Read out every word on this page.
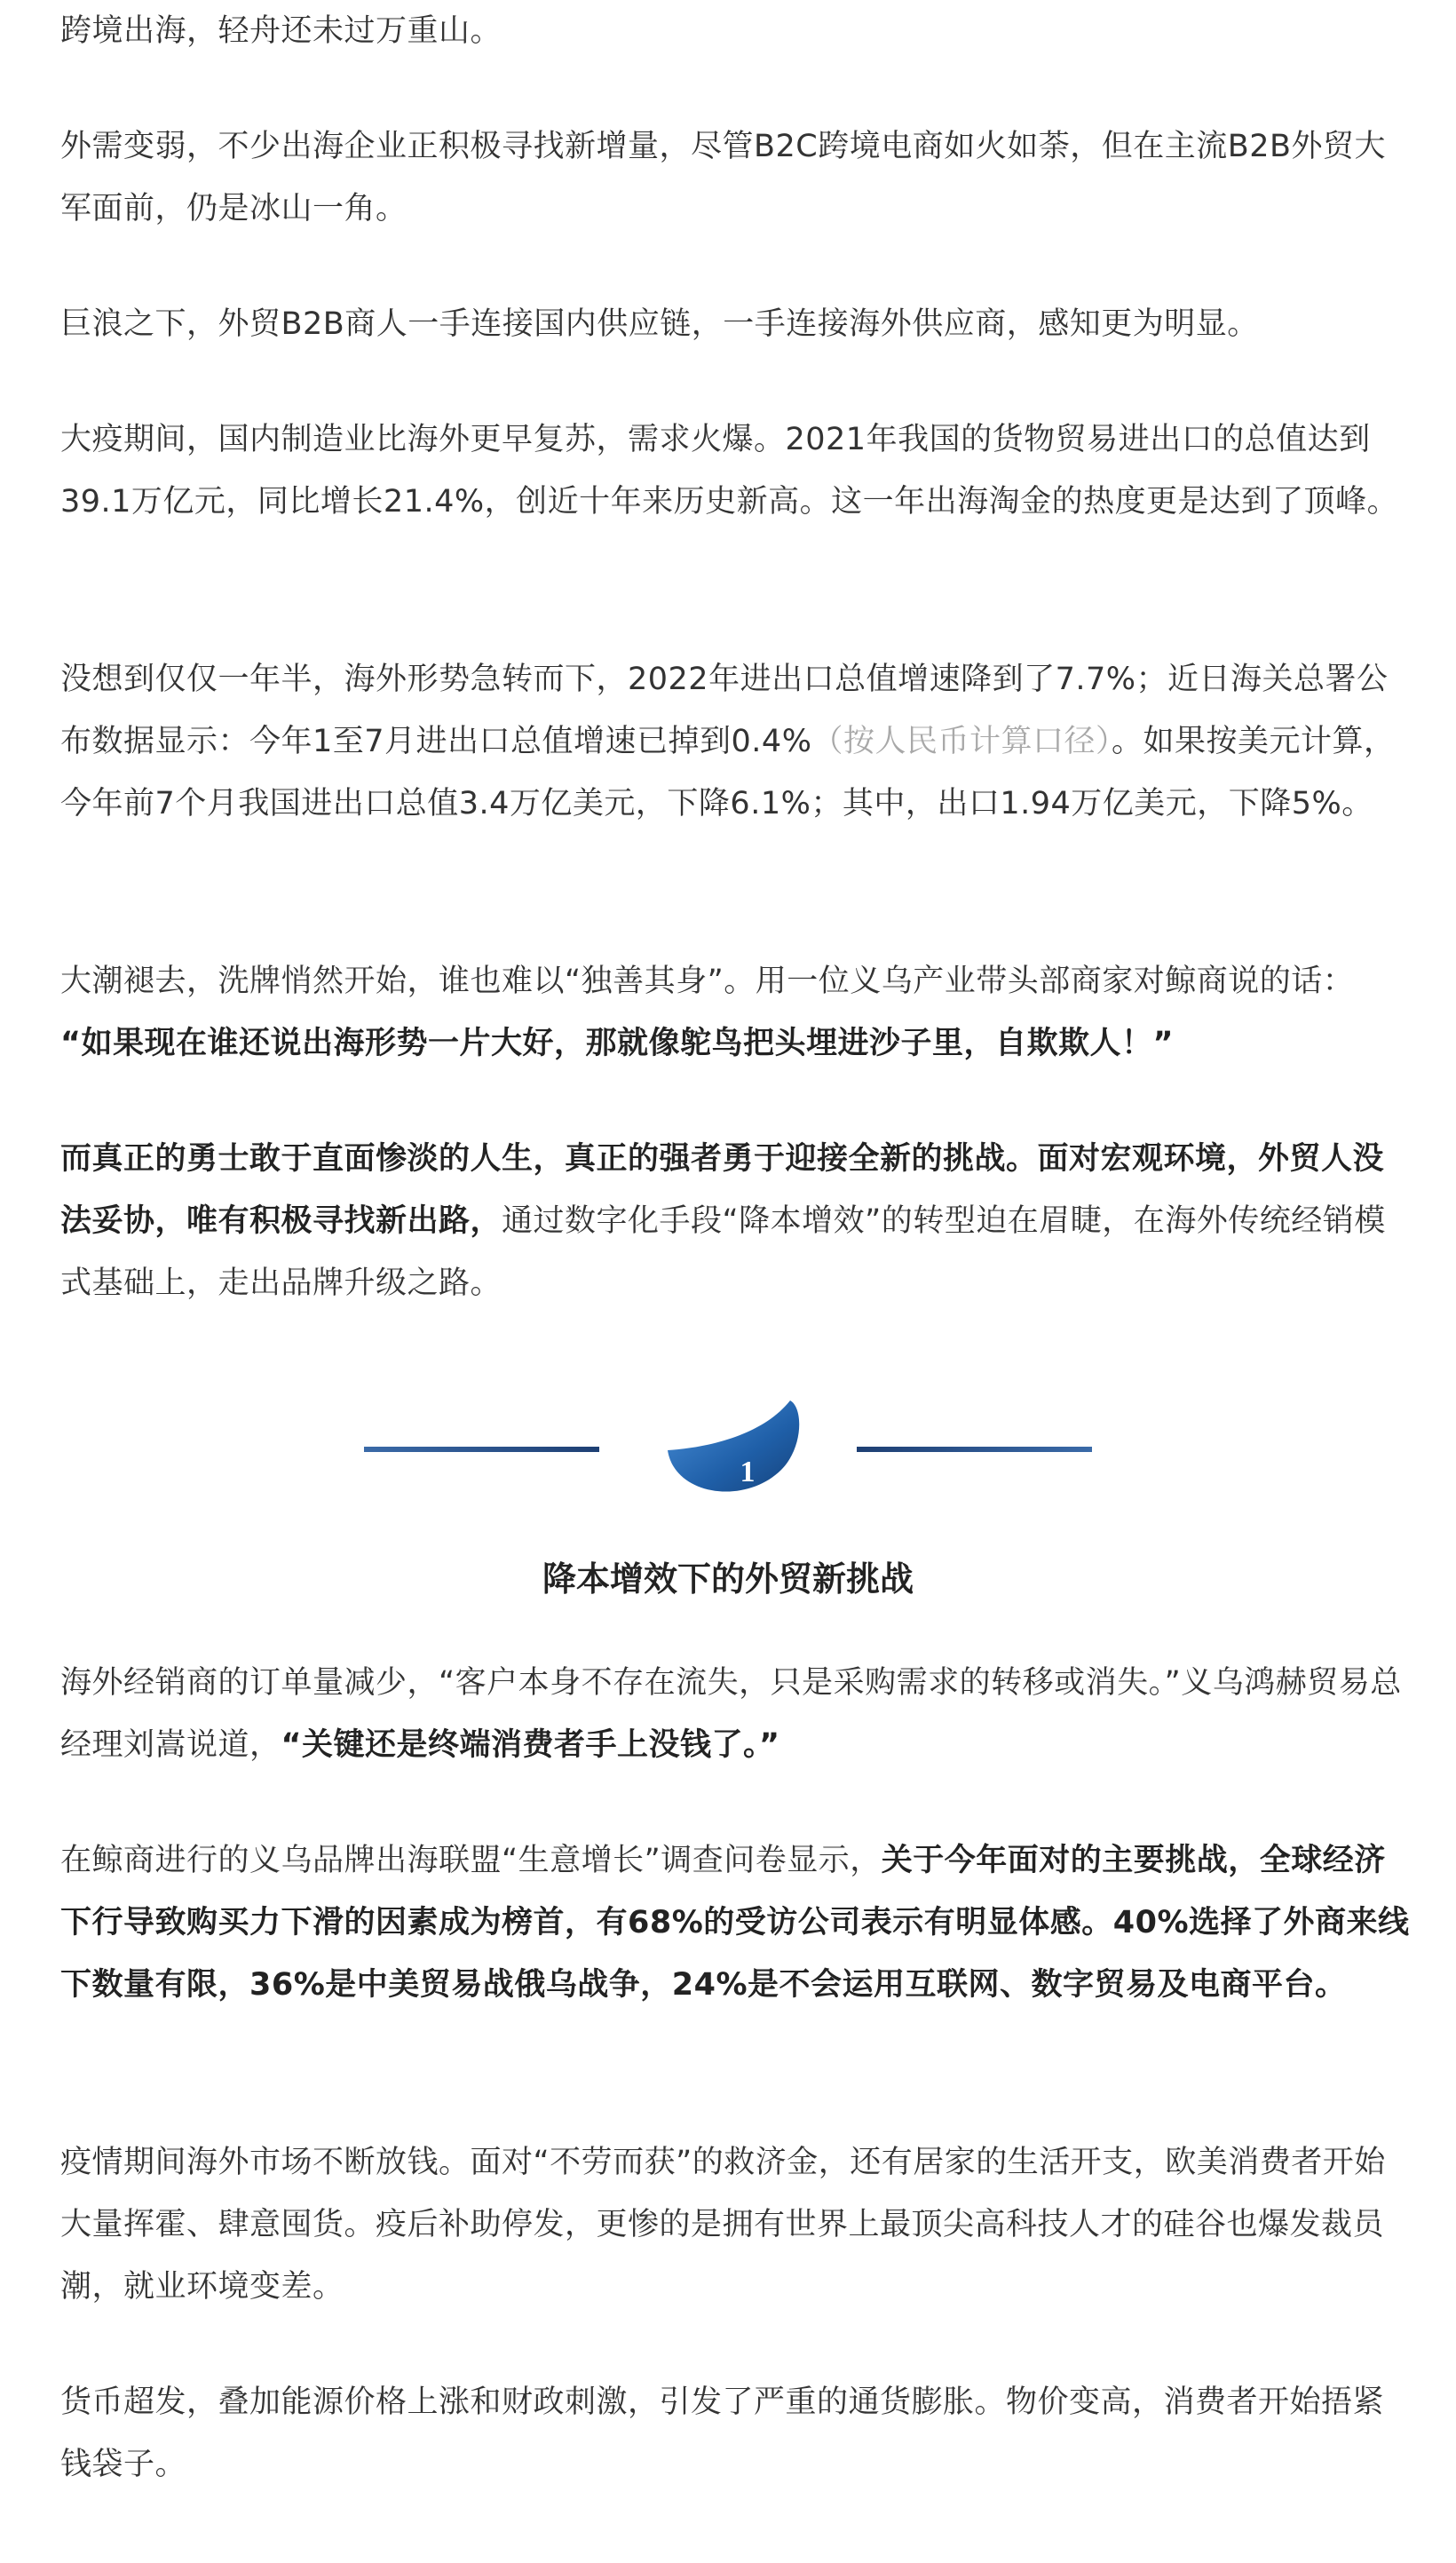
跨境出海，轻舟还未过万重山。

外需变弱，不少出海企业正积极寻找新增量，尽管B2C跨境电商如火如荼，但在主流B2B外贸大军面前，仍是冰山一角。

巨浪之下，外贸B2B商人一手连接国内供应链，一手连接海外供应商，感知更为明显。

大疫期间，国内制造业比海外更早复苏，需求火爆。2021年我国的货物贸易进出口的总值达到39.1万亿元，同比增长21.4%，创近十年来历史新高。这一年出海淘金的热度更是达到了顶峰。

没想到仅仅一年半，海外形势急转而下，2022年进出口总值增速降到了7.7%；近日海关总署公布数据显示：今年1至7月进出口总值增速已掉到0.4%（按人民币计算口径）。如果按美元计算，今年前7个月我国进出口总值3.4万亿美元，下降6.1%；其中，出口1.94万亿美元，下降5%。

大潮褪去，洗牌悄然开始，谁也难以“独善其身”。用一位义乌产业带头部商家对鲸商说的话：
“如果现在谁还说出海形势一片大好，那就像鸵鸟把头埋进沙子里，自欺欺人！”

而真正的勇士敢于直面惨淡的人生，真正的强者勇于迎接全新的挑战。面对宏观环境，外贸人没法妥协，唯有积极寻找新出路，通过数字化手段“降本增效”的转型迫在眉睫，在海外传统经销模式基础上，走出品牌升级之路。

1
降本增效下的外贸新挑战

海外经销商的订单量减少，“客户本身不存在流失，只是采购需求的转移或消失。”义乌鸿赫贸易总经理刘嵩说道，“关键还是终端消费者手上没钱了。”

在鲸商进行的义乌品牌出海联盟“生意增长”调查问卷显示，关于今年面对的主要挑战，全球经济下行导致购买力下滑的因素成为榜首，有68%的受访公司表示有明显体感。40%选择了外商来线下数量有限，36%是中美贸易战俄乌战争，24%是不会运用互联网、数字贸易及电商平台。

疫情期间海外市场不断放钱。面对“不劳而获”的救济金，还有居家的生活开支，欧美消费者开始大量挥霍、肆意囤货。疫后补助停发，更惨的是拥有世界上最顶尖高科技人才的硅谷也爆发裁员潮，就业环境变差。

货币超发，叠加能源价格上涨和财政刺激，引发了严重的通货膨胀。物价变高，消费者开始捂紧钱袋子。
